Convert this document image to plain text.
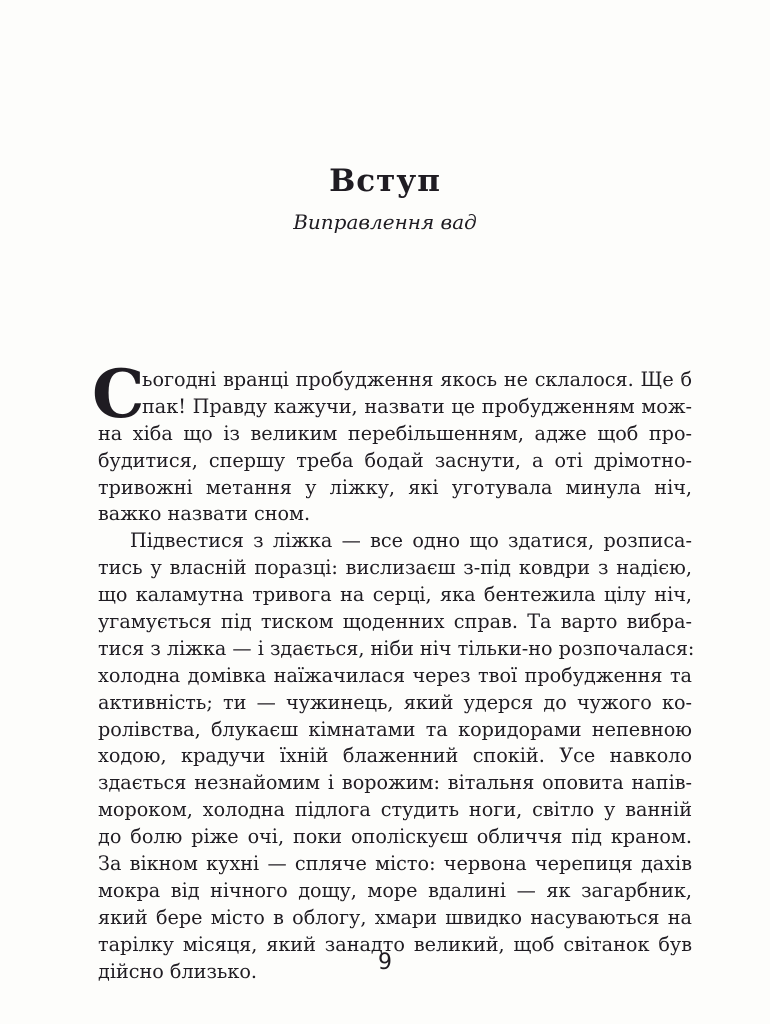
Вступ
Виправлення вад
С
ьогодні вранці пробудження якось не склалося. Ще б
пак! Правду кажучи, назвати це пробудженням мож-
на хіба що із великим перебільшенням, адже щоб про-
будитися, спершу треба бодай заснути, а оті дрімотно-
тривожні метання у ліжку, які уготувала минула ніч,
важко назвати сном.
Підвестися з ліжка — все одно що здатися, розписа-
тись у власній поразці: вислизаєш з-під ковдри з надією,
що каламутна тривога на серці, яка бентежила цілу ніч,
угамується під тиском щоденних справ. Та варто вибра-
тися з ліжка — і здається, ніби ніч тільки-но розпочалася:
холодна домівка наїжачилася через твої пробудження та
активність; ти — чужинець, який удерся до чужого ко-
ролівства, блукаєш кімнатами та коридорами непевною
ходою, крадучи їхній блаженний спокій. Усе навколо
здається незнайомим і ворожим: вітальня оповита напів-
мороком, холодна підлога студить ноги, світло у ванній
до болю ріже очі, поки ополіскуєш обличчя під краном.
За вікном кухні — спляче місто: червона черепиця дахів
мокра від нічного дощу, море вдалині — як загарбник,
який бере місто в облогу, хмари швидко насуваються на
тарілку місяця, який занадто великий, щоб світанок був
дійсно близько.	9
